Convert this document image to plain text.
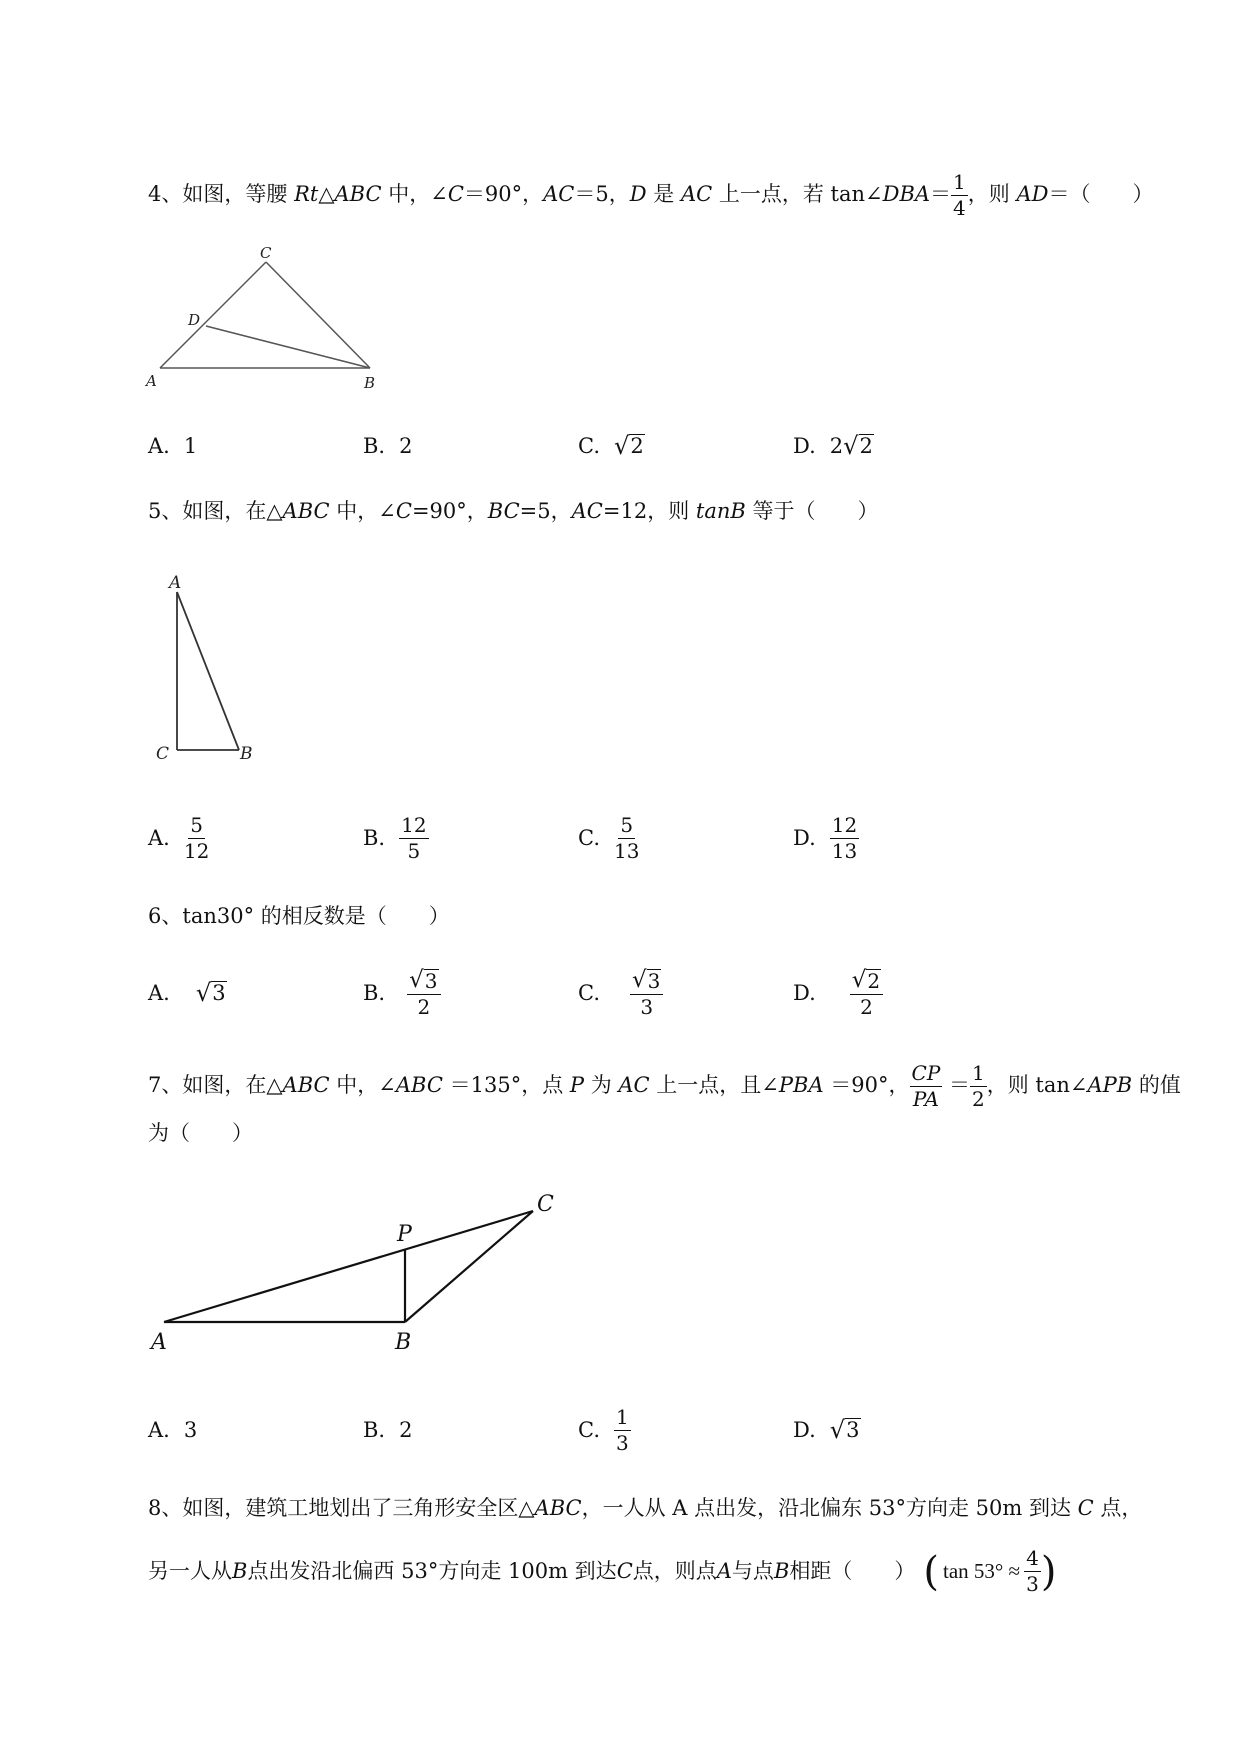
4、如图，等腰 Rt△ABC 中，∠C＝90°，AC＝5，D 是 AC 上一点，若 tan∠DBA＝ $\frac{1}{4}$ ，则 AD＝（　　）
C
D
A	B
A. 1	B. 2	C. √ 2	D. 2 √ 2
5、如图，在△ABC 中，∠C=90°，BC=5，AC=12，则 tanB 等于（　　）
A
C	B
A. $\frac{5}{12}$	B. $\frac{12}{5}$	C. $\frac{5}{13}$	D. $\frac{12}{13}$
6、tan30° 的相反数是（　　）
A. √ 3	B. $\frac{√ 3}{2}$	C. $\frac{√ 3}{3}$	D. $\frac{√ 2}{2}$
7、如图，在△ABC 中，∠ABC ＝135°，点 P 为 AC 上一点，且∠PBA ＝90°， $\frac{CP}{PA} = \frac{1}{2}$ ，则 tan∠APB 的值
为（　　）
C
P
A	B
A. 3	B. 2	C. $\frac{1}{3}$	D. √ 3
8、如图，建筑工地划出了三角形安全区△ABC，一人从 A 点出发，沿北偏东 53°方向走 50m 到达 C 点，
另一人从 B 点出发沿北偏西 53°方向走 100m 到达 C 点，则点 A 与点 B 相距（　　） ( $\tan 53^\circ \approx \frac{4}{3}$ )
